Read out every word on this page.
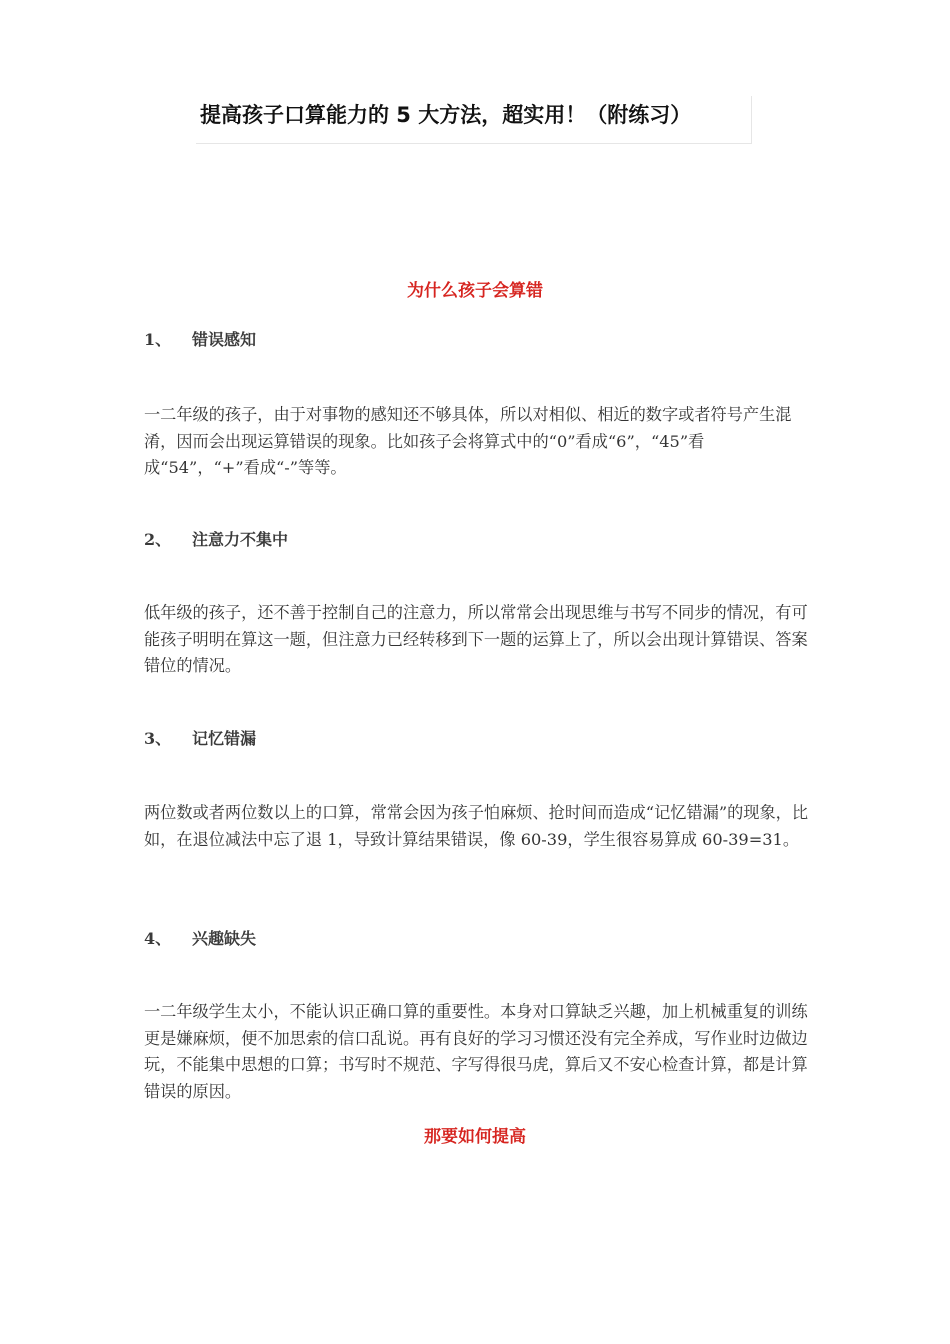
提高孩子口算能力的 5 大方法，超实用！（附练习）
为什么孩子会算错
1、 错误感知

一二年级的孩子，由于对事物的感知还不够具体，所以对相似、相近的数字或者符号产生混淆，因而会出现运算错误的现象。比如孩子会将算式中的“0”看成“6”，“45”看成“54”，“+”看成“-”等等。

2、 注意力不集中

低年级的孩子，还不善于控制自己的注意力，所以常常会出现思维与书写不同步的情况，有可能孩子明明在算这一题，但注意力已经转移到下一题的运算上了，所以会出现计算错误、答案错位的情况。

3、 记忆错漏

两位数或者两位数以上的口算，常常会因为孩子怕麻烦、抢时间而造成“记忆错漏”的现象，比如，在退位减法中忘了退 1，导致计算结果错误，像 60-39，学生很容易算成 60-39=31。

4、 兴趣缺失

一二年级学生太小，不能认识正确口算的重要性。本身对口算缺乏兴趣，加上机械重复的训练更是嫌麻烦，便不加思索的信口乱说。再有良好的学习习惯还没有完全养成，写作业时边做边玩，不能集中思想的口算；书写时不规范、字写得很马虎，算后又不安心检查计算，都是计算错误的原因。

那要如何提高
